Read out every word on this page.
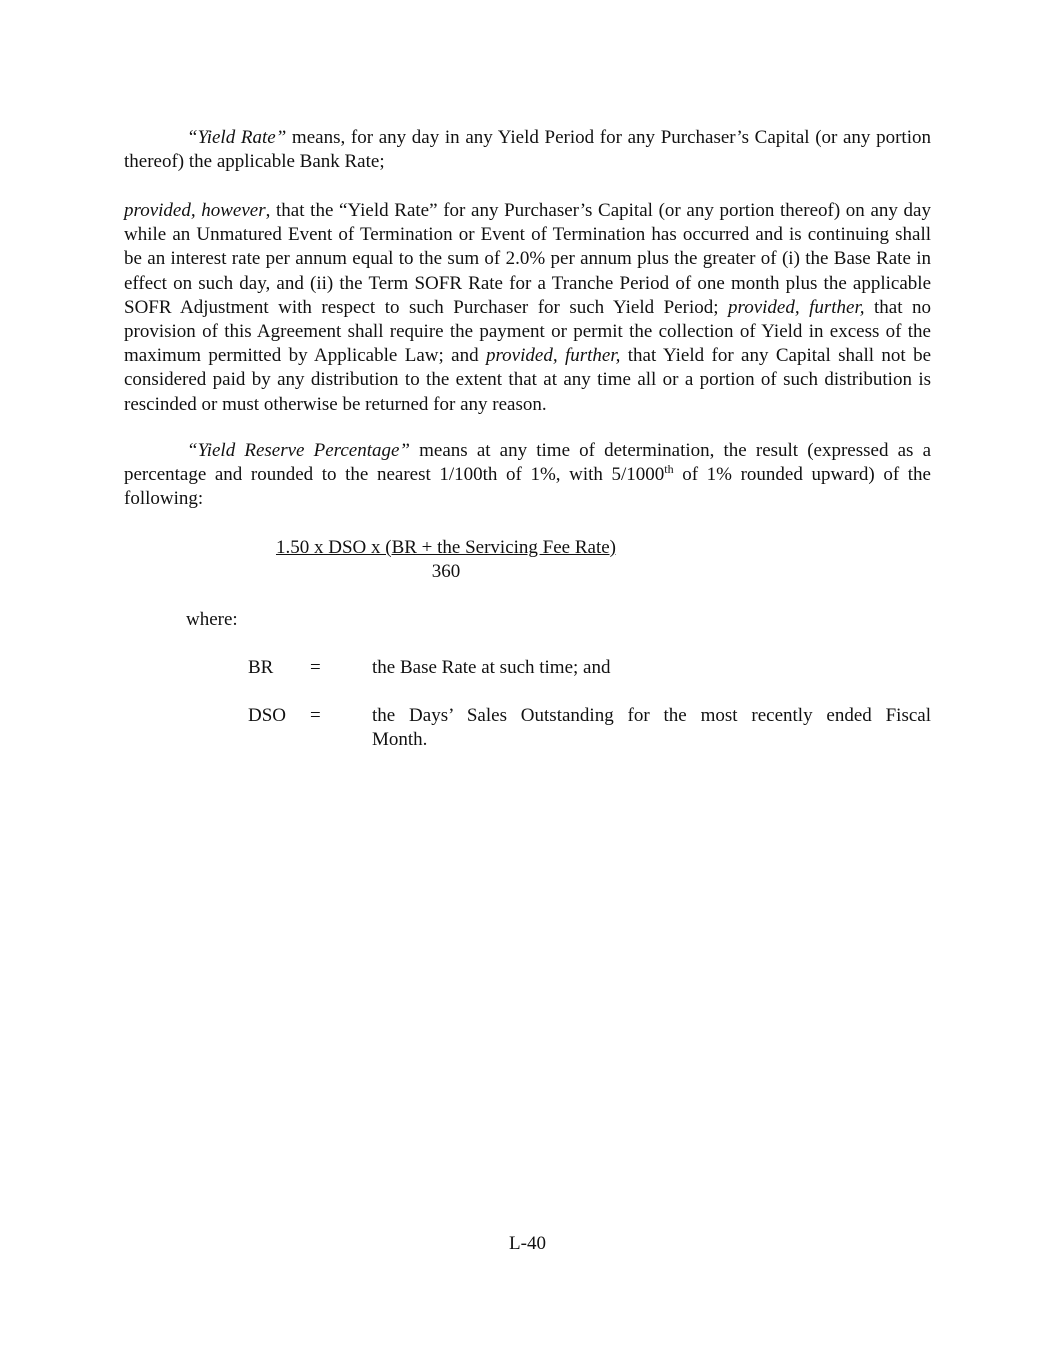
“Yield Rate” means, for any day in any Yield Period for any Purchaser’s Capital (or any portion thereof) the applicable Bank Rate;

provided, however, that the “Yield Rate” for any Purchaser’s Capital (or any portion thereof) on any day while an Unmatured Event of Termination or Event of Termination has occurred and is continuing shall be an interest rate per annum equal to the sum of 2.0% per annum plus the greater of (i) the Base Rate in effect on such day, and (ii) the Term SOFR Rate for a Tranche Period of one month plus the applicable SOFR Adjustment with respect to such Purchaser for such Yield Period; provided, further, that no provision of this Agreement shall require the payment or permit the collection of Yield in excess of the maximum permitted by Applicable Law; and provided, further, that Yield for any Capital shall not be considered paid by any distribution to the extent that at any time all or a portion of such distribution is rescinded or must otherwise be returned for any reason.

“Yield Reserve Percentage” means at any time of determination, the result (expressed as a percentage and rounded to the nearest 1/100th of 1%, with 5/1000th of 1% rounded upward) of the following:

1.50 x DSO x (BR + the Servicing Fee Rate)
360
where:
BR =	the Base Rate at such time; and
DSO =	the Days’ Sales Outstanding for the most recently ended Fiscal
Month.
L-40
